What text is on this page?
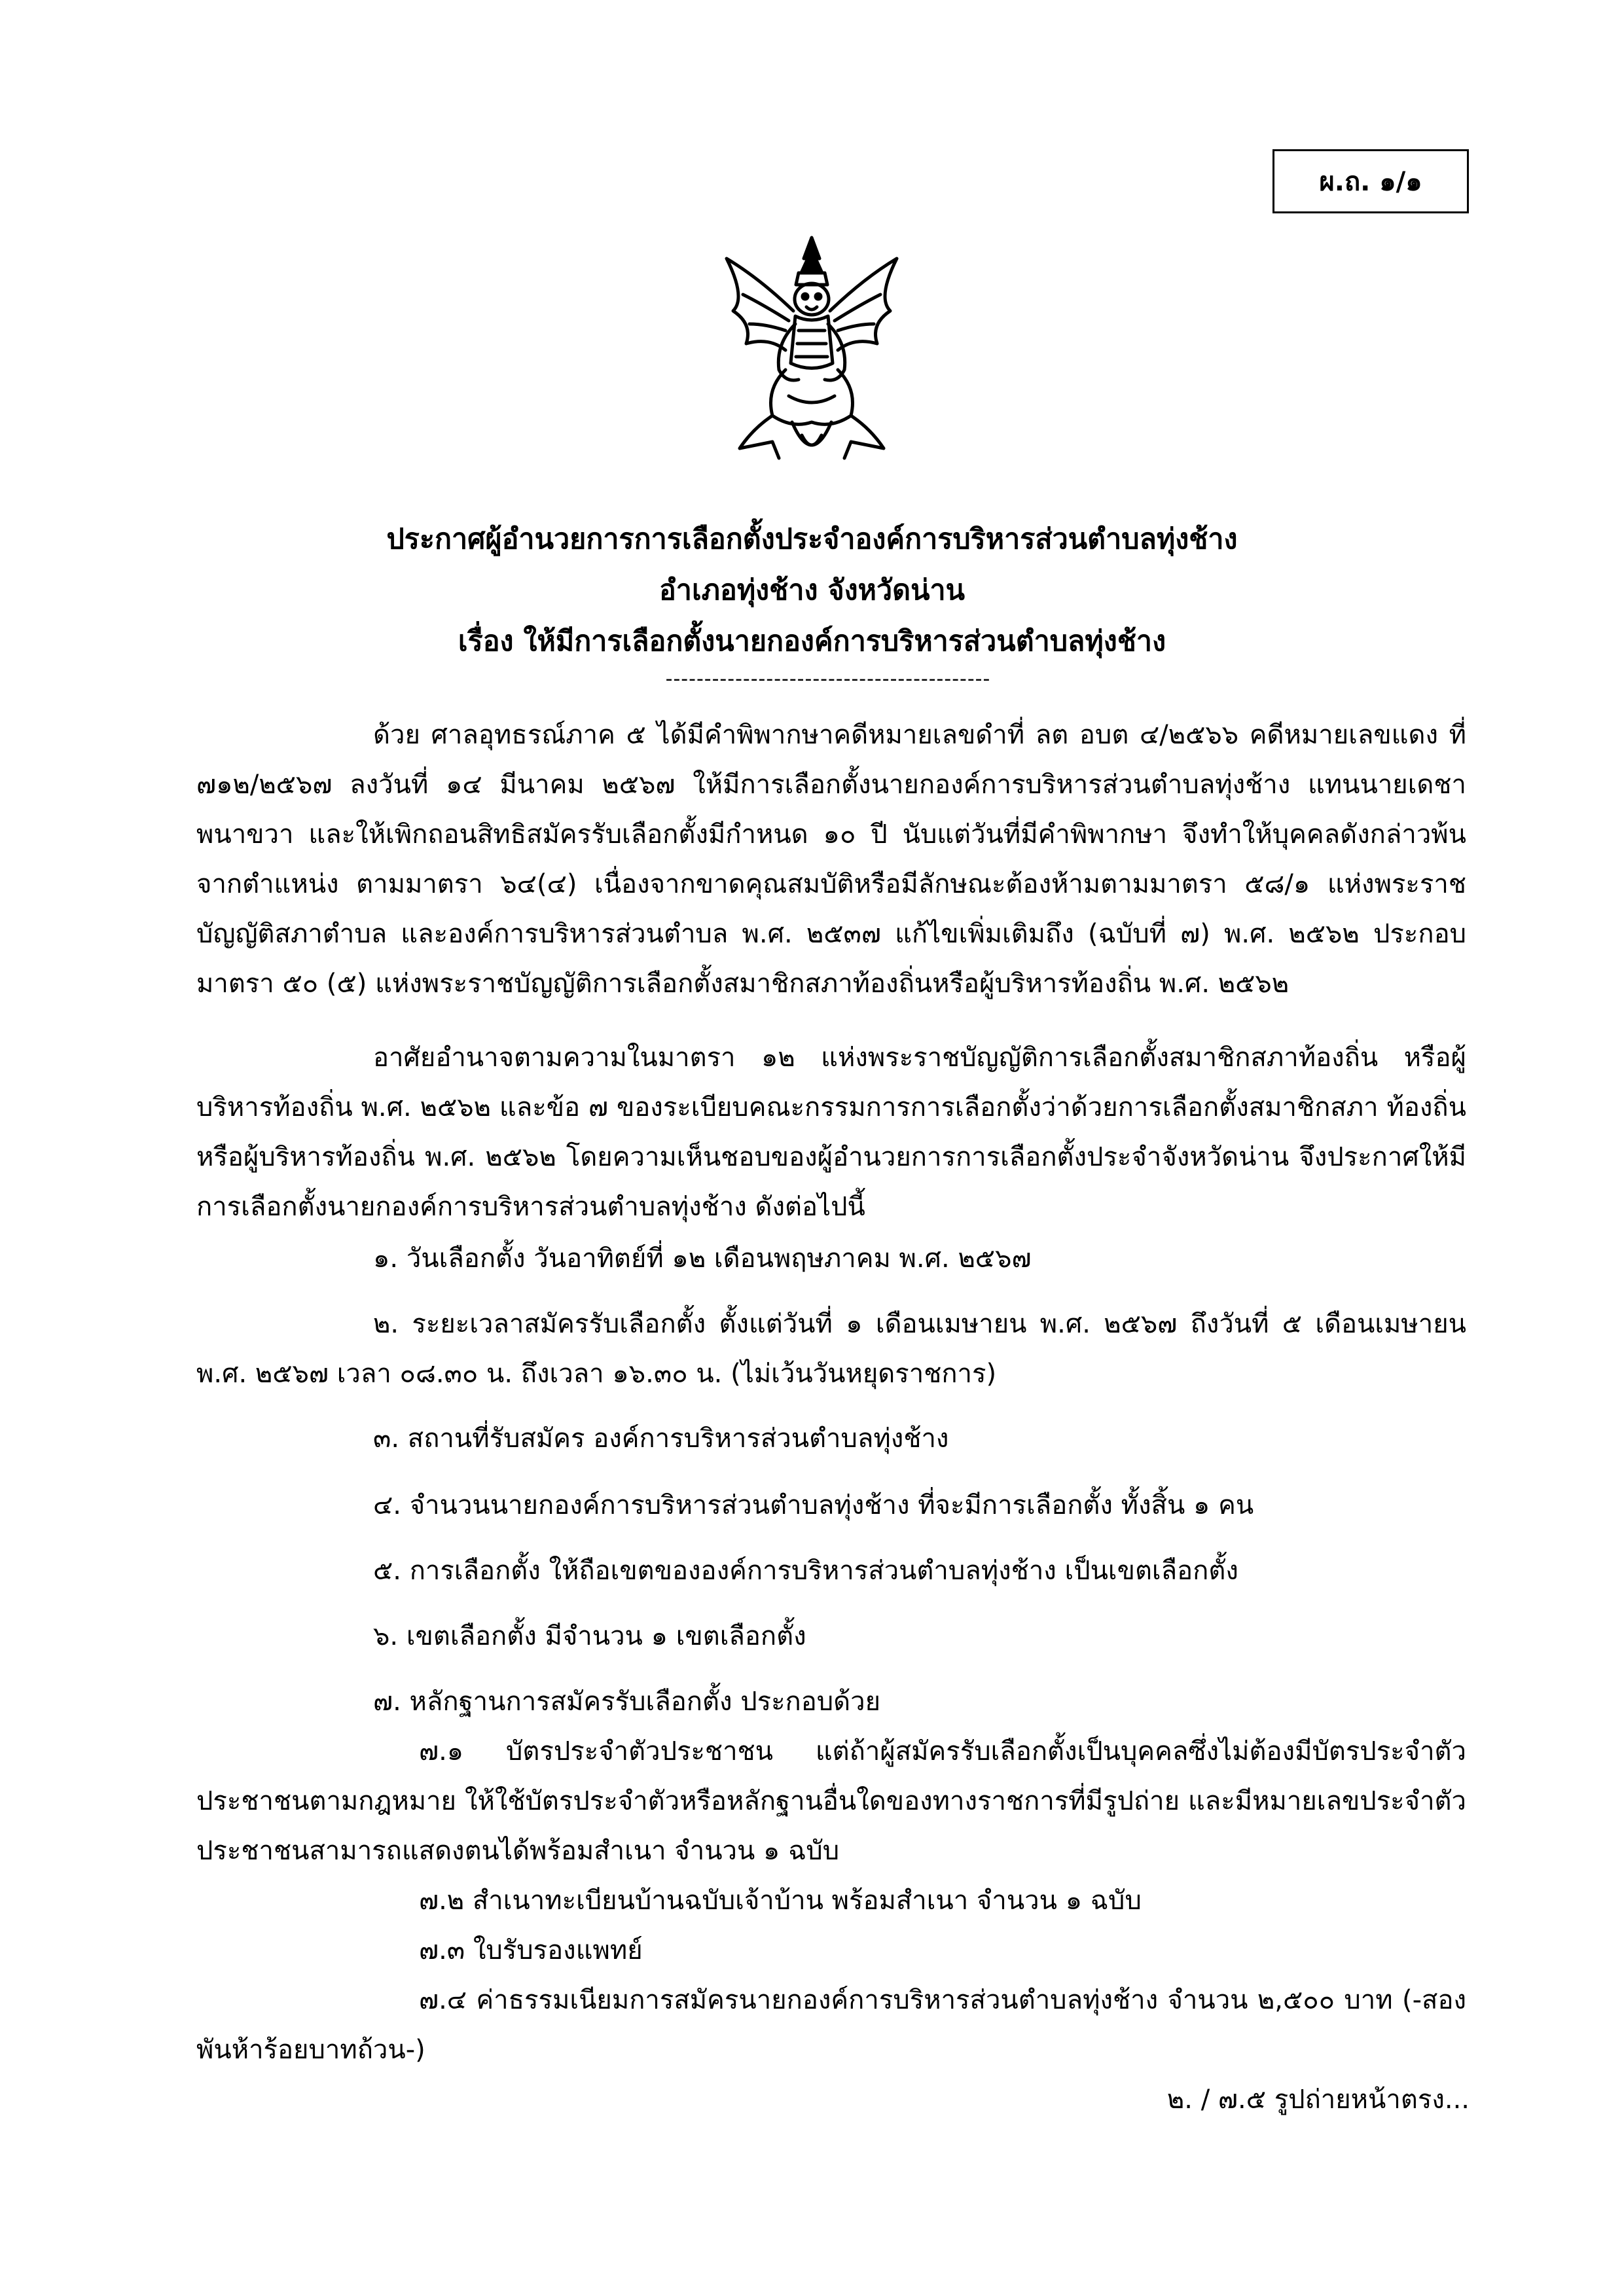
ผ.ถ. ๑/๑
ประกาศผู้อำนวยการการเลือกตั้งประจำองค์การบริหารส่วนตำบลทุ่งช้าง
อำเภอทุ่งช้าง จังหวัดน่าน
เรื่อง ให้มีการเลือกตั้งนายกองค์การบริหารส่วนตำบลทุ่งช้าง
------------------------------------------

ด้วย ศาลอุทธรณ์ภาค ๕ ได้มีคำพิพากษาคดีหมายเลขดำที่ ลต อบต ๔/๒๕๖๖ คดีหมายเลขแดง ที่ ๗๑๒/๒๕๖๗ ลงวันที่ ๑๔ มีนาคม ๒๕๖๗ ให้มีการเลือกตั้งนายกองค์การบริหารส่วนตำบลทุ่งช้าง แทนนายเดชา พนาขวา และให้เพิกถอนสิทธิสมัครรับเลือกตั้งมีกำหนด ๑๐ ปี นับแต่วันที่มีคำพิพากษา จึงทำให้บุคคลดังกล่าวพ้นจากตำแหน่ง ตามมาตรา ๖๔(๔) เนื่องจากขาดคุณสมบัติหรือมีลักษณะต้องห้ามตามมาตรา ๕๘/๑ แห่งพระราชบัญญัติสภาตำบล และองค์การบริหารส่วนตำบล พ.ศ. ๒๕๓๗ แก้ไขเพิ่มเติมถึง (ฉบับที่ ๗) พ.ศ. ๒๕๖๒ ประกอบมาตรา ๕๐ (๕) แห่งพระราชบัญญัติการเลือกตั้งสมาชิกสภาท้องถิ่นหรือผู้บริหารท้องถิ่น พ.ศ. ๒๕๖๒

อาศัยอำนาจตามความในมาตรา ๑๒ แห่งพระราชบัญญัติการเลือกตั้งสมาชิกสภาท้องถิ่น หรือผู้บริหารท้องถิ่น พ.ศ. ๒๕๖๒ และข้อ ๗ ของระเบียบคณะกรรมการการเลือกตั้งว่าด้วยการเลือกตั้งสมาชิกสภา ท้องถิ่นหรือผู้บริหารท้องถิ่น พ.ศ. ๒๕๖๒ โดยความเห็นชอบของผู้อำนวยการการเลือกตั้งประจำจังหวัดน่าน จึงประกาศให้มีการเลือกตั้งนายกองค์การบริหารส่วนตำบลทุ่งช้าง ดังต่อไปนี้

๑. วันเลือกตั้ง วันอาทิตย์ที่ ๑๒ เดือนพฤษภาคม พ.ศ. ๒๕๖๗

๒. ระยะเวลาสมัครรับเลือกตั้ง ตั้งแต่วันที่ ๑ เดือนเมษายน พ.ศ. ๒๕๖๗ ถึงวันที่ ๕ เดือนเมษายน พ.ศ. ๒๕๖๗ เวลา ๐๘.๓๐ น. ถึงเวลา ๑๖.๓๐ น. (ไม่เว้นวันหยุดราชการ)

๓. สถานที่รับสมัคร องค์การบริหารส่วนตำบลทุ่งช้าง

๔. จำนวนนายกองค์การบริหารส่วนตำบลทุ่งช้าง ที่จะมีการเลือกตั้ง ทั้งสิ้น ๑ คน

๕. การเลือกตั้ง ให้ถือเขตขององค์การบริหารส่วนตำบลทุ่งช้าง เป็นเขตเลือกตั้ง

๖. เขตเลือกตั้ง มีจำนวน ๑ เขตเลือกตั้ง

๗. หลักฐานการสมัครรับเลือกตั้ง ประกอบด้วย

๗.๑ บัตรประจำตัวประชาชน แต่ถ้าผู้สมัครรับเลือกตั้งเป็นบุคคลซึ่งไม่ต้องมีบัตรประจำตัว ประชาชนตามกฎหมาย ให้ใช้บัตรประจำตัวหรือหลักฐานอื่นใดของทางราชการที่มีรูปถ่าย และมีหมายเลขประจำตัว ประชาชนสามารถแสดงตนได้พร้อมสำเนา จำนวน ๑ ฉบับ

๗.๒ สำเนาทะเบียนบ้านฉบับเจ้าบ้าน พร้อมสำเนา จำนวน ๑ ฉบับ

๗.๓ ใบรับรองแพทย์

๗.๔ ค่าธรรมเนียมการสมัครนายกองค์การบริหารส่วนตำบลทุ่งช้าง จำนวน ๒,๕๐๐ บาท (-สองพันห้าร้อยบาทถ้วน-)

๒. / ๗.๕ รูปถ่ายหน้าตรง...
